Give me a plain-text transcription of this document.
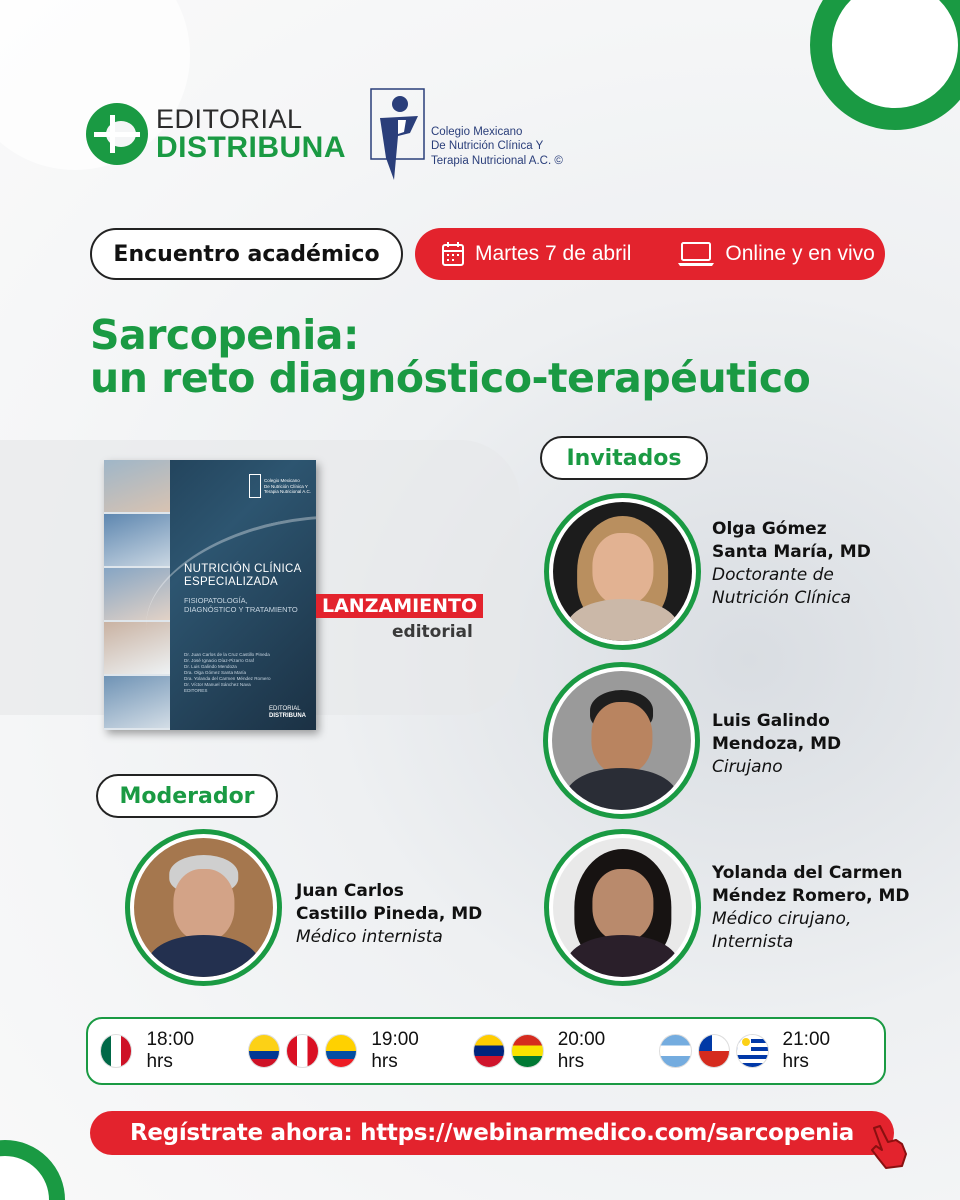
EDITORIAL
DISTRIBUNA	Colegio Mexicano
De Nutrición Clínica Y
Terapia Nutricional A.C. ©
Encuentro académico	Martes 7 de abril	Online y en vivo
Sarcopenia:
un reto diagnóstico-terapéutico
Colegio Mexicano
De Nutrición Clínica Y
Terapia Nutricional A.C.
NUTRICIÓN CLÍNICA
ESPECIALIZADA
FISIOPATOLOGÍA,
DIAGNÓSTICO Y TRATAMIENTO
Dr. Juan Carlos de la Cruz Castillo Pineda
Dr. José Ignacio Díaz-Pizarro Graf
Dr. Luis Galindo Mendoza
Dra. Olga Gómez Santa María
Dra. Yolanda del Carmen Méndez Romero
Dr. Víctor Manuel Sánchez Nava
EDITORES
EDITORIAL
DISTRIBUNA
LANZAMIENTO
editorial
Invitados
Olga Gómez
Santa María, MD
Doctorante de
Nutrición Clínica
Luis Galindo
Mendoza, MD
Cirujano
Yolanda del Carmen
Méndez Romero, MD
Médico cirujano,
Internista
Moderador
Juan Carlos
Castillo Pineda, MD
Médico internista
18:00 hrs
19:00 hrs
20:00 hrs
21:00 hrs
Regístrate ahora: https://webinarmedico.com/sarcopenia
